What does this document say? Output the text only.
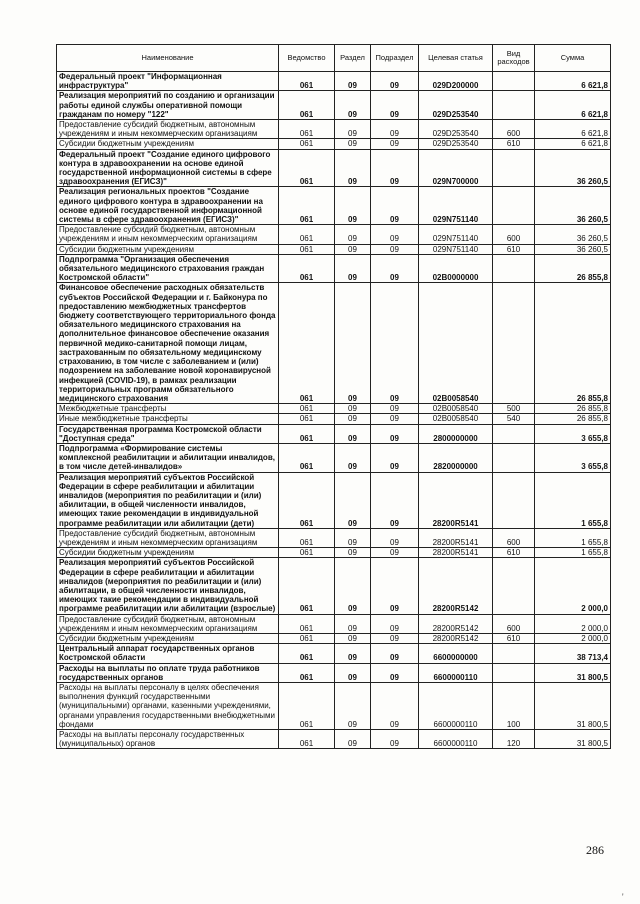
Наименование	Ведомство	Раздел	Подраздел	Целевая статья	Вид расходов	Сумма
Федеральный проект "Информационная инфраструктура"	061	09	09	029D200000		6 621,8
Реализация мероприятий по созданию и организации работы единой службы оперативной помощи гражданам по номеру "122"	061	09	09	029D253540		6 621,8
Предоставление субсидий бюджетным, автономным учреждениям и иным некоммерческим организациям	061	09	09	029D253540	600	6 621,8
Субсидии бюджетным учреждениям	061	09	09	029D253540	610	6 621,8
Федеральный проект "Создание единого цифрового контура в здравоохранении на основе единой государственной информационной системы в сфере здравоохранения (ЕГИСЗ)"	061	09	09	029N700000		36 260,5
Реализация региональных проектов "Создание единого цифрового контура в здравоохранении на основе единой государственной информационной системы в сфере здравоохранения (ЕГИСЗ)"	061	09	09	029N751140		36 260,5
Предоставление субсидий бюджетным, автономным учреждениям и иным некоммерческим организациям	061	09	09	029N751140	600	36 260,5
Субсидии бюджетным учреждениям	061	09	09	029N751140	610	36 260,5
Подпрограмма "Организация обеспечения обязательного медицинского страхования граждан Костромской области"	061	09	09	02В0000000		26 855,8
Финансовое обеспечение расходных обязательств субъектов Российской Федерации и г. Байконура по предоставлению межбюджетных трансфертов бюджету соответствующего территориального фонда обязательного медицинского страхования на дополнительное финансовое обеспечение оказания первичной медико-санитарной помощи лицам, застрахованным по обязательному медицинскому страхованию, в том числе с заболеванием и (или) подозрением на заболевание новой коронавирусной инфекцией (COVID-19), в рамках реализации территориальных программ обязательного медицинского страхования	061	09	09	02В0058540		26 855,8
Межбюджетные трансферты	061	09	09	02В0058540	500	26 855,8
Иные межбюджетные трансферты	061	09	09	02В0058540	540	26 855,8
Государственная программа Костромской области "Доступная среда"	061	09	09	2800000000		3 655,8
Подпрограмма «Формирование системы комплексной реабилитации и абилитации инвалидов, в том числе детей-инвалидов»	061	09	09	2820000000		3 655,8
Реализация мероприятий субъектов Российской Федерации в сфере реабилитации и абилитации инвалидов (мероприятия по реабилитации и (или) абилитации, в общей численности инвалидов, имеющих такие рекомендации в индивидуальной программе реабилитации или абилитации (дети)	061	09	09	28200R5141		1 655,8
Предоставление субсидий бюджетным, автономным учреждениям и иным некоммерческим организациям	061	09	09	28200R5141	600	1 655,8
Субсидии бюджетным учреждениям	061	09	09	28200R5141	610	1 655,8
Реализация мероприятий субъектов Российской Федерации в сфере реабилитации и абилитации инвалидов (мероприятия по реабилитации и (или) абилитации, в общей численности инвалидов, имеющих такие рекомендации в индивидуальной программе реабилитации или абилитации (взрослые)	061	09	09	28200R5142		2 000,0
Предоставление субсидий бюджетным, автономным учреждениям и иным некоммерческим организациям	061	09	09	28200R5142	600	2 000,0
Субсидии бюджетным учреждениям	061	09	09	28200R5142	610	2 000,0
Центральный аппарат государственных органов Костромской области	061	09	09	6600000000		38 713,4
Расходы на выплаты по оплате труда работников государственных органов	061	09	09	6600000110		31 800,5
Расходы на выплаты персоналу в целях обеспечения выполнения функций государственными (муниципальными) органами, казенными учреждениями, органами управления государственными внебюджетными фондами	061	09	09	6600000110	100	31 800,5
Расходы на выплаты персоналу государственных (муниципальных) органов	061	09	09	6600000110	120	31 800,5
286
'
